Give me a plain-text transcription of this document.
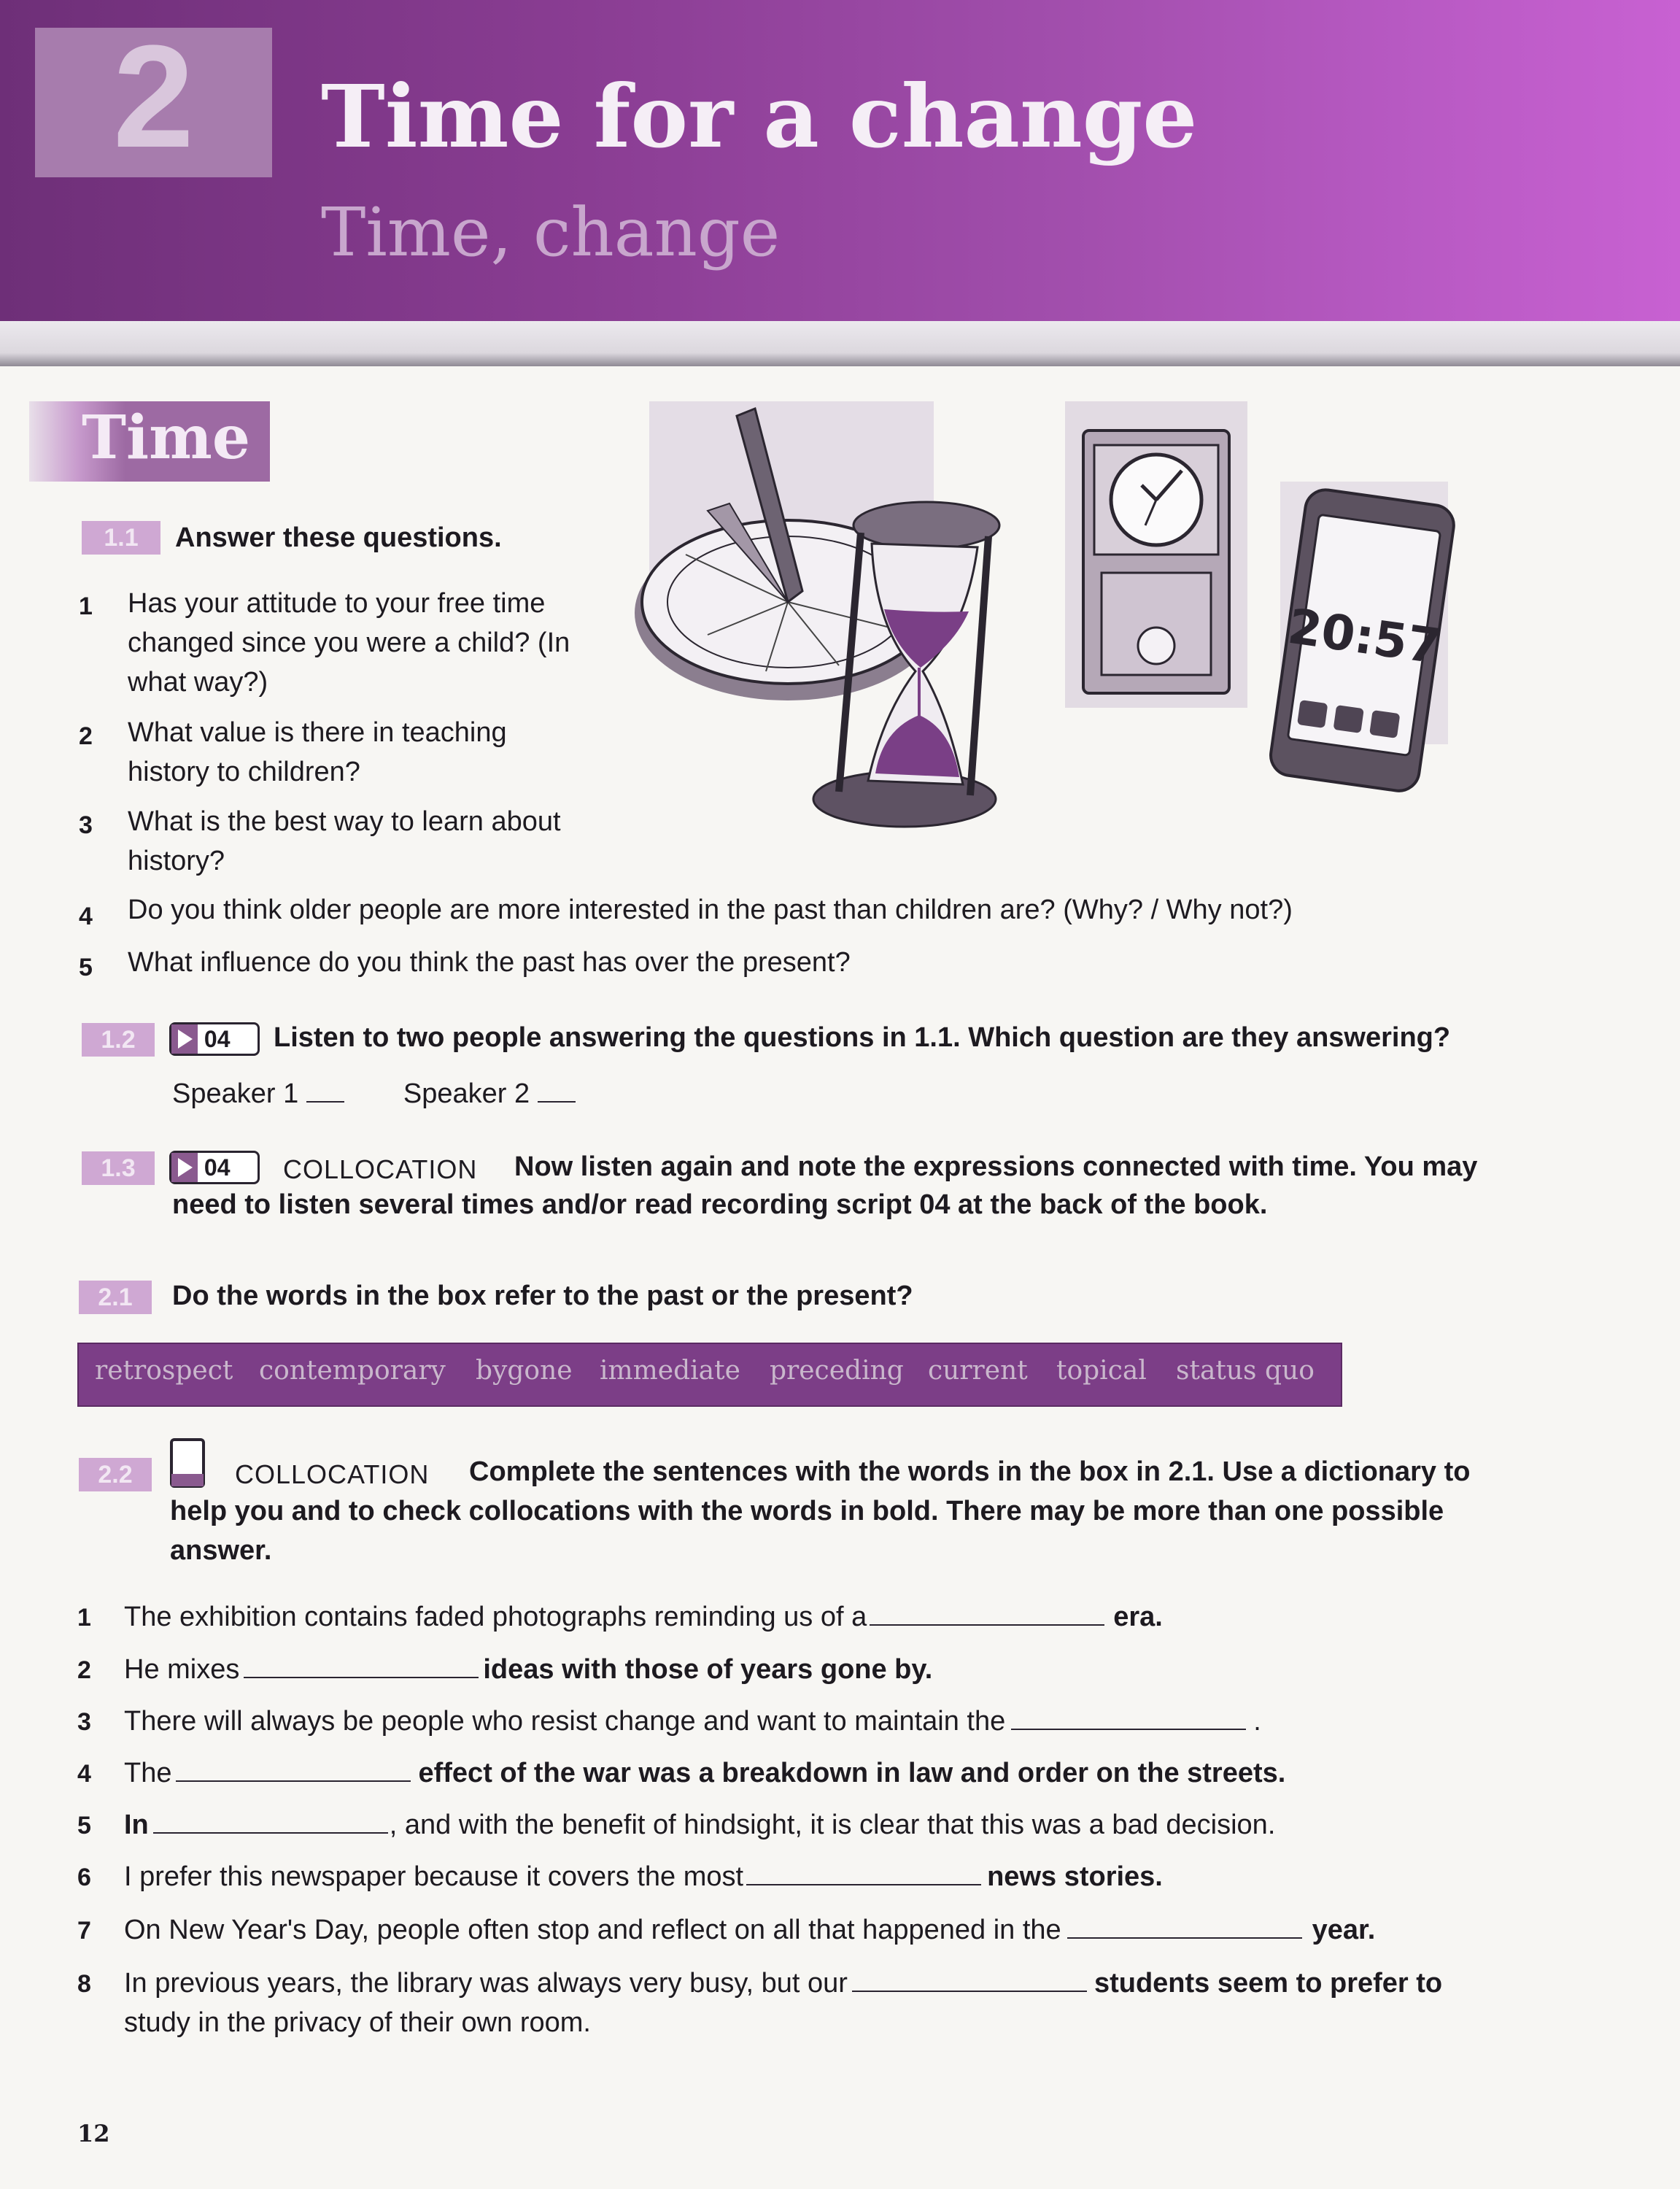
2	Time for a change
Time, change
Time
1.1	Answer these questions.
1 Has your attitude to your free time
changed since you were a child? (In
what way?)
2 What value is there in teaching
history to children?
3 What is the best way to learn about
history?
4 Do you think older people are more interested in the past than children are? (Why? / Why not?)
5 What influence do you think the past has over the present?
20:57
1.2	04	Listen to two people answering the questions in 1.1. Which question are they answering?
Speaker 1	Speaker 2
1.3	04	COLLOCATION Now listen again and note the expressions connected with time. You may
need to listen several times and/or read recording script 04 at the back of the book.
2.1	Do the words in the box refer to the past or the present?
retrospect contemporary bygone immediate preceding current topical status quo
2.2	COLLOCATION Complete the sentences with the words in the box in 2.1. Use a dictionary to
help you and to check collocations with the words in bold. There may be more than one possible
answer.
1 The exhibition contains faded photographs reminding us of a	era.
2 He mixes	ideas with those of years gone by.
3 There will always be people who resist change and want to maintain the	.
4 The	effect of the war was a breakdown in law and order on the streets.
5 In	, and with the benefit of hindsight, it is clear that this was a bad decision.
6 I prefer this newspaper because it covers the most	news stories.
7 On New Year's Day, people often stop and reflect on all that happened in the	year.
8 In previous years, the library was always very busy, but our	students seem to prefer to
study in the privacy of their own room.
12
